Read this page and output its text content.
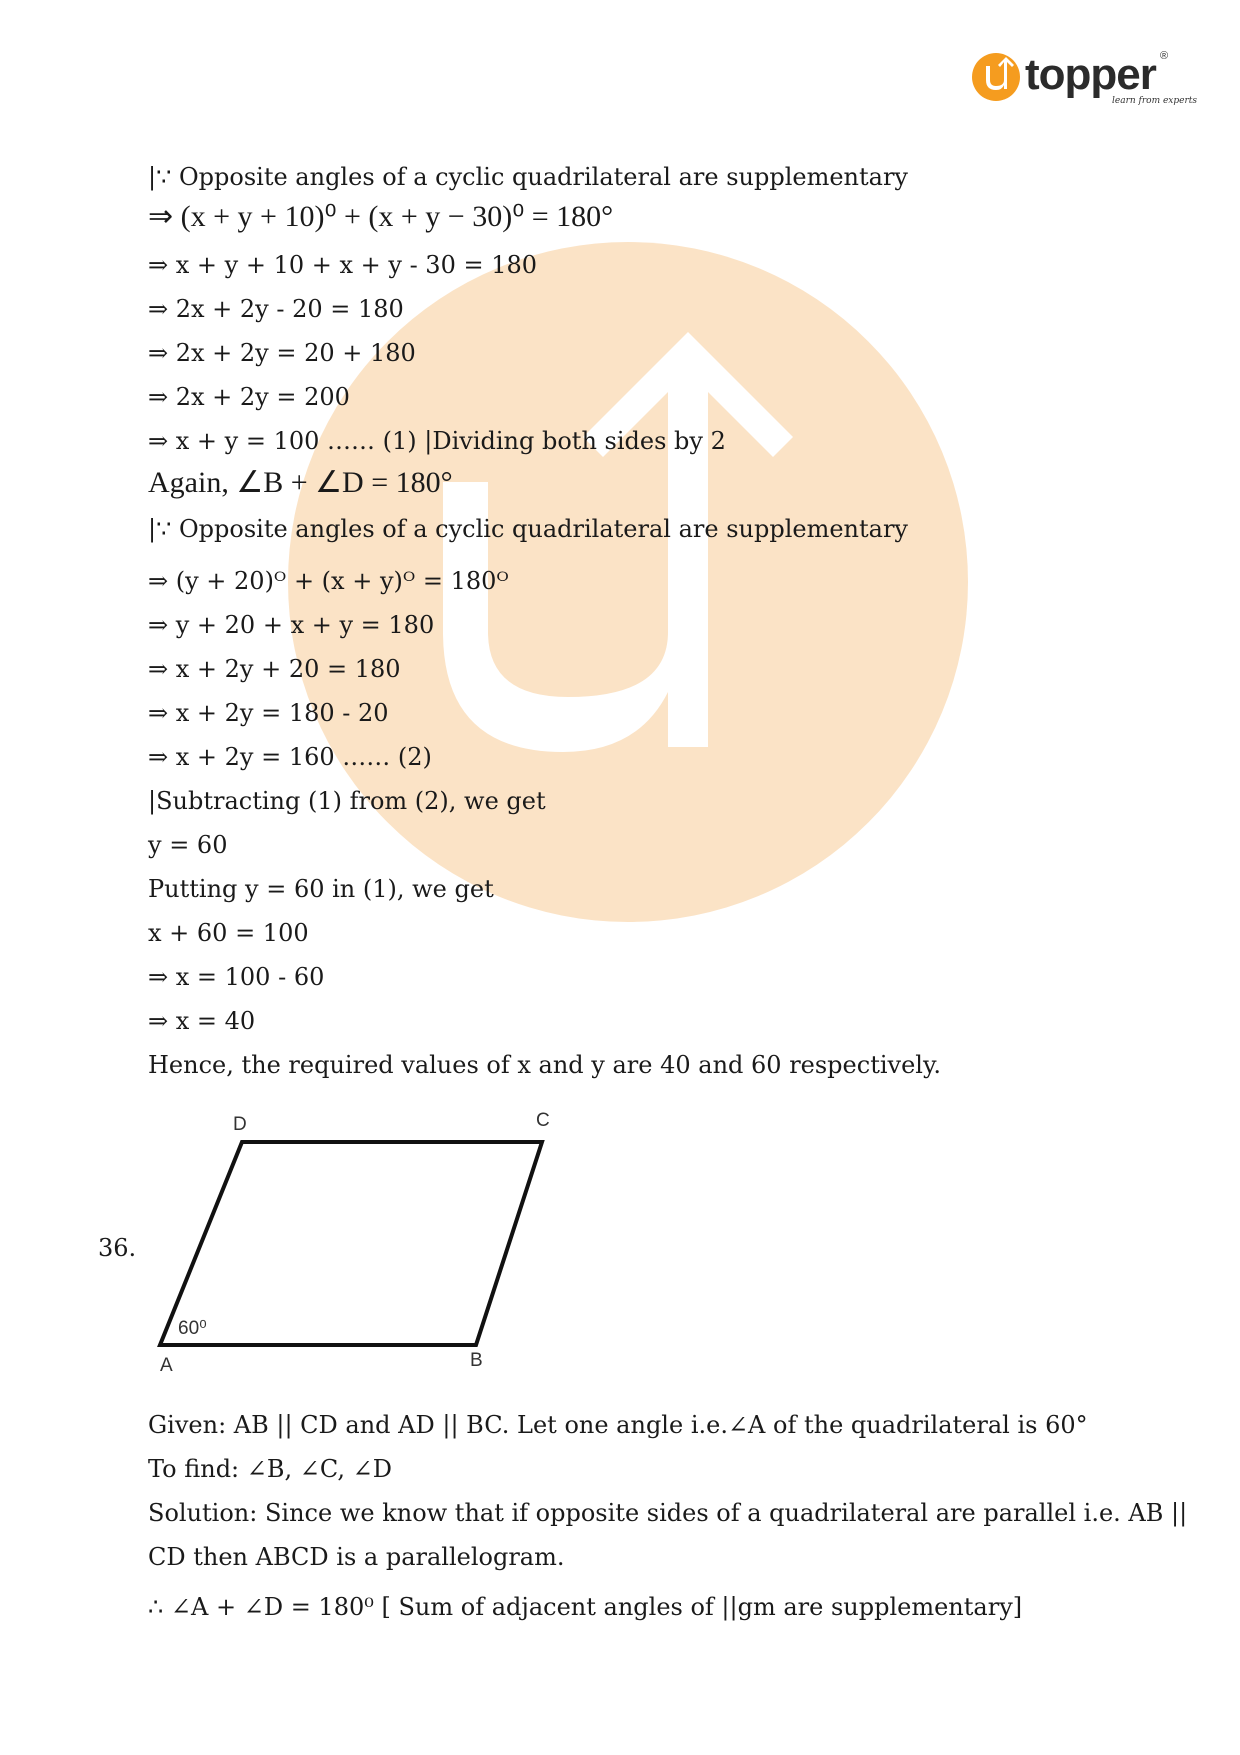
topper ®
learn from experts
|∵ Opposite angles of a cyclic quadrilateral are supplementary
⇒ (x + y + 10)⁰ + (x + y − 30)⁰ = 180°
⇒ x + y + 10 + x + y - 30 = 180
⇒ 2x + 2y - 20 = 180
⇒ 2x + 2y = 20 + 180
⇒ 2x + 2y = 200
⇒ x + y = 100 …… (1) |Dividing both sides by 2
Again, ∠B + ∠D = 180°
|∵ Opposite angles of a cyclic quadrilateral are supplementary
⇒ (y + 20)ᴼ + (x + y)ᴼ = 180ᴼ
⇒ y + 20 + x + y = 180
⇒ x + 2y + 20 = 180
⇒ x + 2y = 180 - 20
⇒ x + 2y = 160 …… (2)
|Subtracting (1) from (2), we get
y = 60
Putting y = 60 in (1), we get
x + 60 = 100
⇒ x = 100 - 60
⇒ x = 40
Hence, the required values of x and y are 40 and 60 respectively.
36.
D	C
A	B
60⁰
Given: AB || CD and AD || BC. Let one angle i.e.∠A of the quadrilateral is 60°
To find: ∠B, ∠C, ∠D
Solution: Since we know that if opposite sides of a quadrilateral are parallel i.e. AB ||
CD then ABCD is a parallelogram.
∴ ∠A + ∠D = 180⁰ [ Sum of adjacent angles of ||gm are supplementary]
